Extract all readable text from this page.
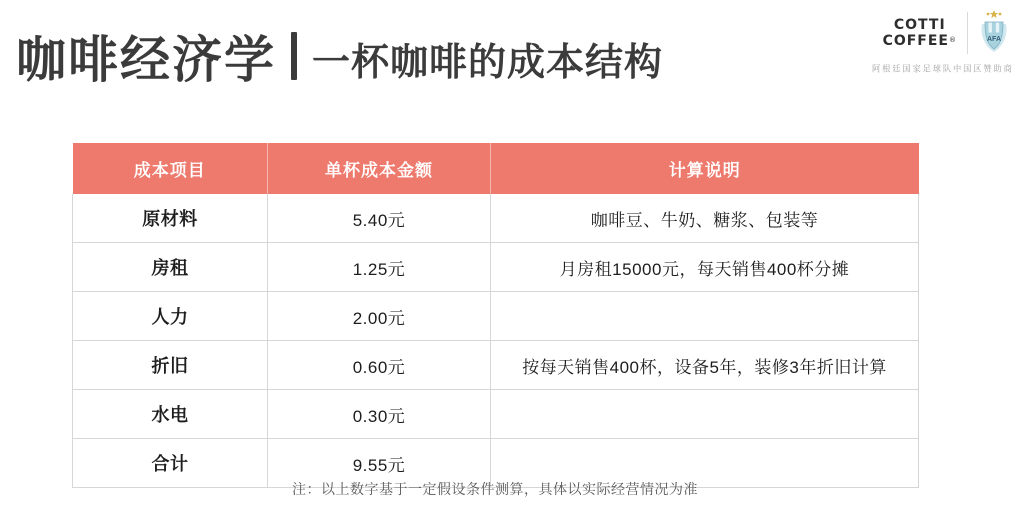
咖啡经济学 一杯咖啡的成本结构
COTTI
COFFEE®	AFA
阿根廷国家足球队中国区赞助商
成本项目	单杯成本金额	计算说明
原材料	5.40元	咖啡豆、牛奶、糖浆、包装等
房租	1.25元	月房租15000元，每天销售400杯分摊
人力	2.00元	
折旧	0.60元	按每天销售400杯，设备5年，装修3年折旧计算
水电	0.30元	
合计	9.55元	
注：以上数字基于一定假设条件测算，具体以实际经营情况为准
